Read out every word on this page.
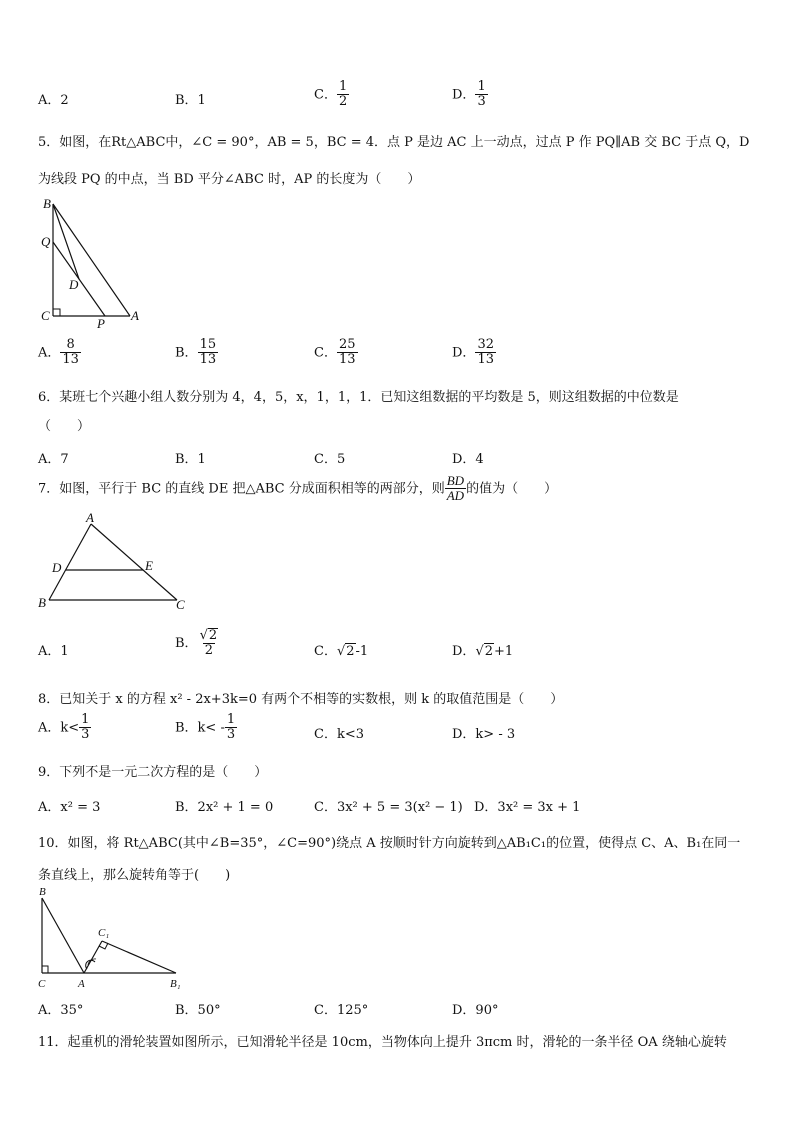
A．2	B．1	C． $\frac{1}{2}$	D． $\frac{1}{3}$
5．如图，在Rt△ABC中，∠C = 90°，AB = 5，BC = 4．点 P 是边 AC 上一动点，过点 P 作 PQ∥AB 交 BC 于点 Q，D
为线段 PQ 的中点，当 BD 平分∠ABC 时，AP 的长度为（　　）
B
Q
D
C
P
A
A． $\frac{8}{13}$	B． $\frac{15}{13}$	C． $\frac{25}{13}$	D． $\frac{32}{13}$
6．某班七个兴趣小组人数分别为 4，4，5，x，1，1，1．已知这组数据的平均数是 5，则这组数据的中位数是
（　　）
A．7	B．1	C．5	D．4
7．如图，平行于 BC 的直线 DE 把△ABC 分成面积相等的两部分，则 $\frac{BD}{AD}$ 的值为（　　）
A
D	E
B	C
A．1
B． $\frac{√ 2}{2}$	C．√ 2 -1	D．√ 2 +1
8．已知关于 x 的方程 x² - 2x+3k=0 有两个不相等的实数根，则 k 的取值范围是（　　）
A．$k< \frac{1}{3}$	B．$k< - \frac{1}{3}$	C．k<3	D．k> - 3
9．下列不是一元二次方程的是（　　）
A．x² = 3	B．2x² + 1 = 0	C．3x² + 5 = 3(x² − 1) D．3x² = 3x + 1
10．如图，将 Rt△ABC(其中∠B=35°，∠C=90°)绕点 A 按顺时针方向旋转到△AB₁C₁的位置，使得点 C、A、B₁在同一
条直线上，那么旋转角等于(　　)
B
C	A
C₁
B₁
A．35°	B．50°	C．125°	D．90°
11．起重机的滑轮装置如图所示，已知滑轮半径是 10cm，当物体向上提升 3πcm 时，滑轮的一条半径 OA 绕轴心旋转
